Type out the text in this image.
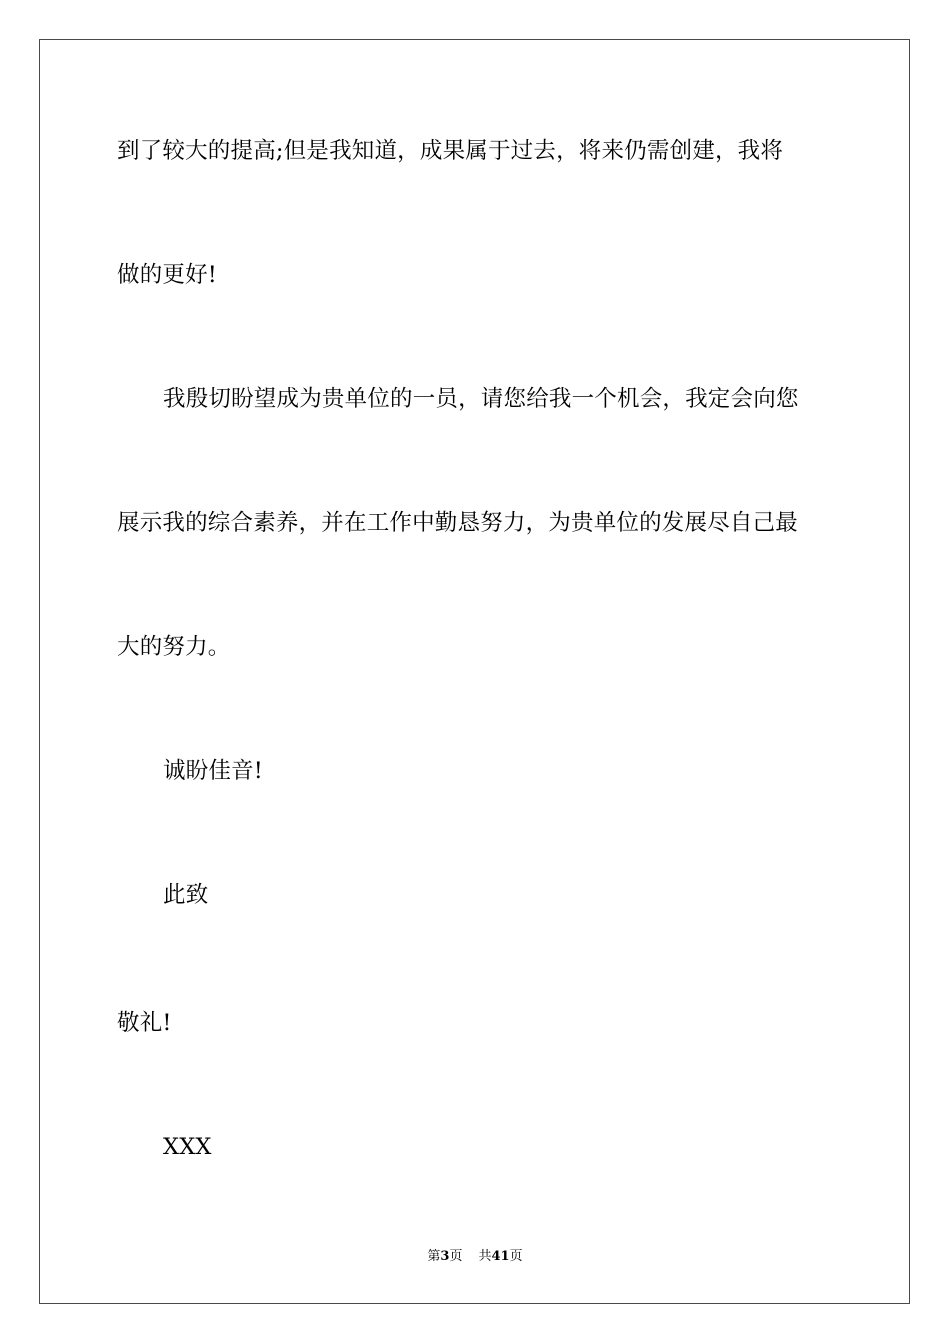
到了较大的提高;但是我知道，成果属于过去，将来仍需创建，我将
做的更好!
我殷切盼望成为贵单位的一员，请您给我一个机会，我定会向您
展示我的综合素养，并在工作中勤恳努力，为贵单位的发展尽自己最
大的努力。
诚盼佳音!
此致
敬礼!
XXX
第3页 共41页
